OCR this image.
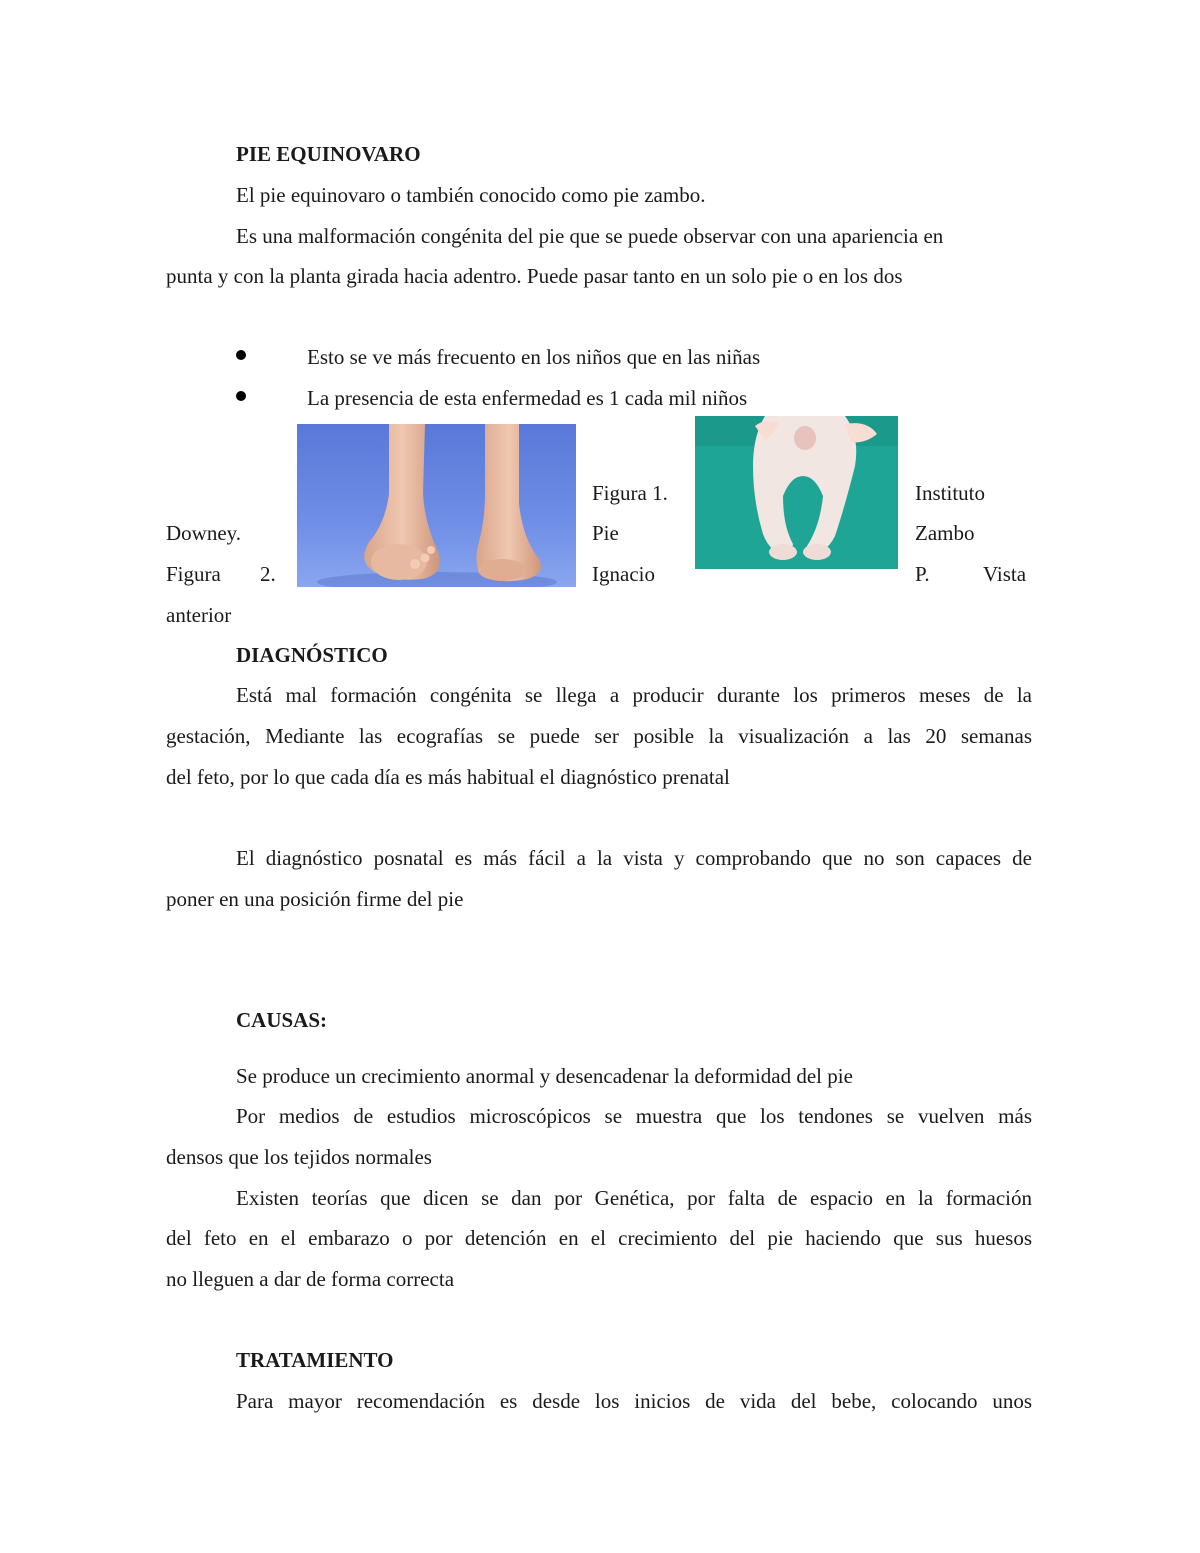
PIE EQUINOVARO
El pie equinovaro o también conocido como pie zambo.
Es una malformación congénita del pie que se puede observar con una apariencia en
punta y con la planta girada hacia adentro. Puede pasar tanto en un solo pie o en los dos
Esto se ve más frecuento en los niños que en las niñas
La presencia de esta enfermedad es 1 cada mil niños
Figura 1.	Instituto
Downey.	Pie	Zambo
Figura 2.	Ignacio	P.	Vista
anterior
DIAGNÓSTICO
Está mal formación congénita se llega a producir durante los primeros meses de la
gestación, Mediante las ecografías se puede ser posible la visualización a las 20 semanas
del feto, por lo que cada día es más habitual el diagnóstico prenatal
El diagnóstico posnatal es más fácil a la vista y comprobando que no son capaces de
poner en una posición firme del pie
CAUSAS:
Se produce un crecimiento anormal y desencadenar la deformidad del pie
Por medios de estudios microscópicos se muestra que los tendones se vuelven más
densos que los tejidos normales
Existen teorías que dicen se dan por Genética, por falta de espacio en la formación
del feto en el embarazo o por detención en el crecimiento del pie haciendo que sus huesos
no lleguen a dar de forma correcta
TRATAMIENTO
Para mayor recomendación es desde los inicios de vida del bebe, colocando unos
